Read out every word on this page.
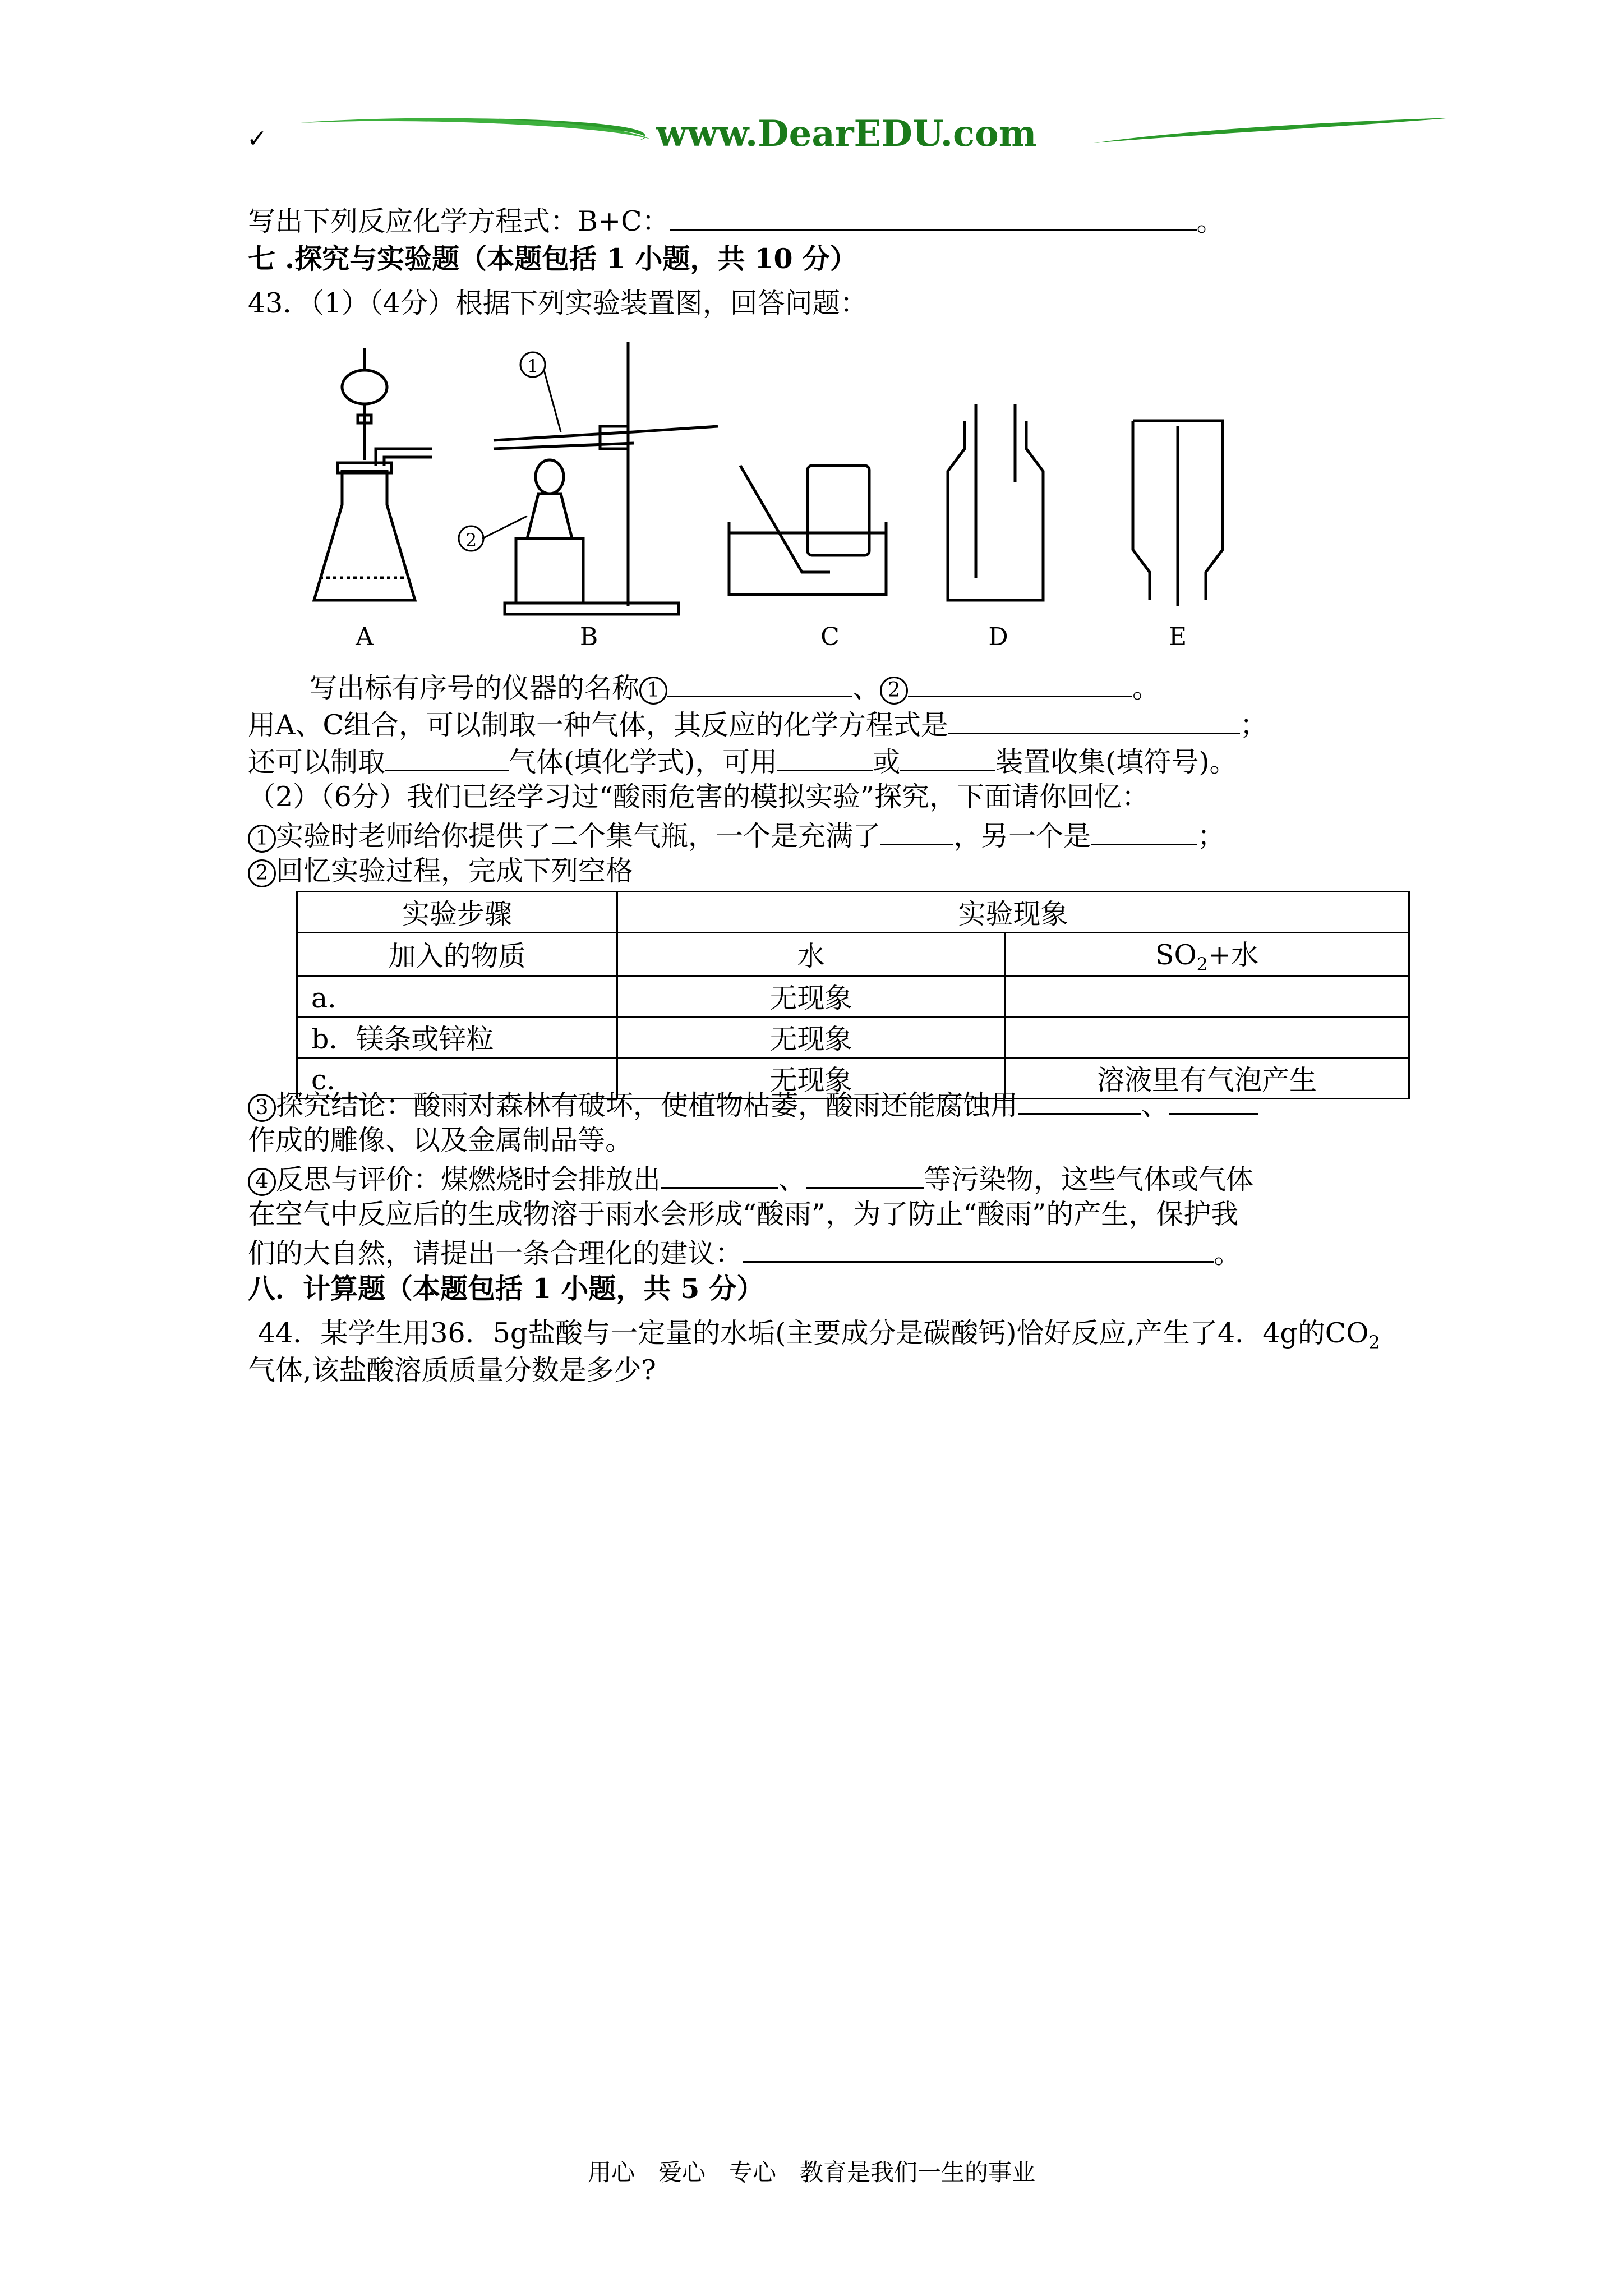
✓	www.DearEDU.com
写出下列反应化学方程式：B+C：	。
七 .探究与实验题（本题包括 1 小题，共 10 分）
43．（1）（4分）根据下列实验装置图，回答问题：
1
2
A	B	C	D	E
写出标有序号的仪器的名称 1	、 2	。
用A、C组合，可以制取一种气体，其反应的化学方程式是	；
还可以制取	气体(填化学式)，可用	或	装置收集(填符号)。
（2）（6分）我们已经学习过“酸雨危害的模拟实验”探究，下面请你回忆：
1 实验时老师给你提供了二个集气瓶，一个是充满了	，另一个是	；
2 回忆实验过程，完成下列空格
实验步骤	实验现象	
加入的物质	水	$SO_2+$水
a．	无现象	
b．镁条或锌粒	无现象	
c．	无现象	溶液里有气泡产生
3 探究结论：酸雨对森林有破坏，使植物枯萎，酸雨还能腐蚀用	、
作成的雕像、以及金属制品等。
4 反思与评价：煤燃烧时会排放出	、	等污染物，这些气体或气体
在空气中反应后的生成物溶于雨水会形成“酸雨”，为了防止“酸雨”的产生，保护我
们的大自然，请提出一条合理化的建议：	。
八．计算题（本题包括 1 小题，共 5 分）
44．某学生用36．5g盐酸与一定量的水垢(主要成分是碳酸钙)恰好反应,产生了4．4g的$CO_2$
气体,该盐酸溶质质量分数是多少?
用心　爱心　专心　教育是我们一生的事业
